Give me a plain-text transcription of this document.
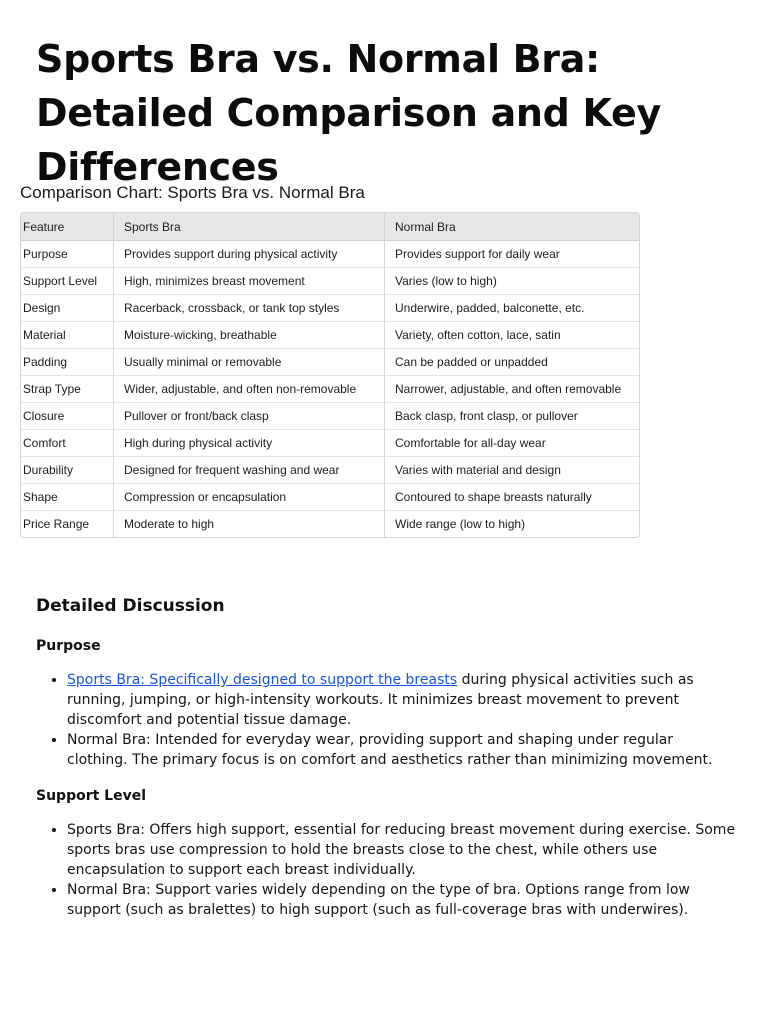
Sports Bra vs. Normal Bra:
Detailed Comparison and Key
Differences
Comparison Chart: Sports Bra vs. Normal Bra
Feature	Sports Bra	Normal Bra
Purpose	Provides support during physical activity	Provides support for daily wear
Support Level	High, minimizes breast movement	Varies (low to high)
Design	Racerback, crossback, or tank top styles	Underwire, padded, balconette, etc.
Material	Moisture-wicking, breathable	Variety, often cotton, lace, satin
Padding	Usually minimal or removable	Can be padded or unpadded
Strap Type	Wider, adjustable, and often non-removable	Narrower, adjustable, and often removable
Closure	Pullover or front/back clasp	Back clasp, front clasp, or pullover
Comfort	High during physical activity	Comfortable for all-day wear
Durability	Designed for frequent washing and wear	Varies with material and design
Shape	Compression or encapsulation	Contoured to shape breasts naturally
Price Range	Moderate to high	Wide range (low to high)
Detailed Discussion
Purpose
• Sports Bra: Specifically designed to support the breasts during physical activities such as running, jumping, or high-intensity workouts. It minimizes breast movement to prevent discomfort and potential tissue damage.
• Normal Bra: Intended for everyday wear, providing support and shaping under regular clothing. The primary focus is on comfort and aesthetics rather than minimizing movement.
Support Level
• Sports Bra: Offers high support, essential for reducing breast movement during exercise. Some sports bras use compression to hold the breasts close to the chest, while others use encapsulation to support each breast individually.
• Normal Bra: Support varies widely depending on the type of bra. Options range from low support (such as bralettes) to high support (such as full-coverage bras with underwires).
